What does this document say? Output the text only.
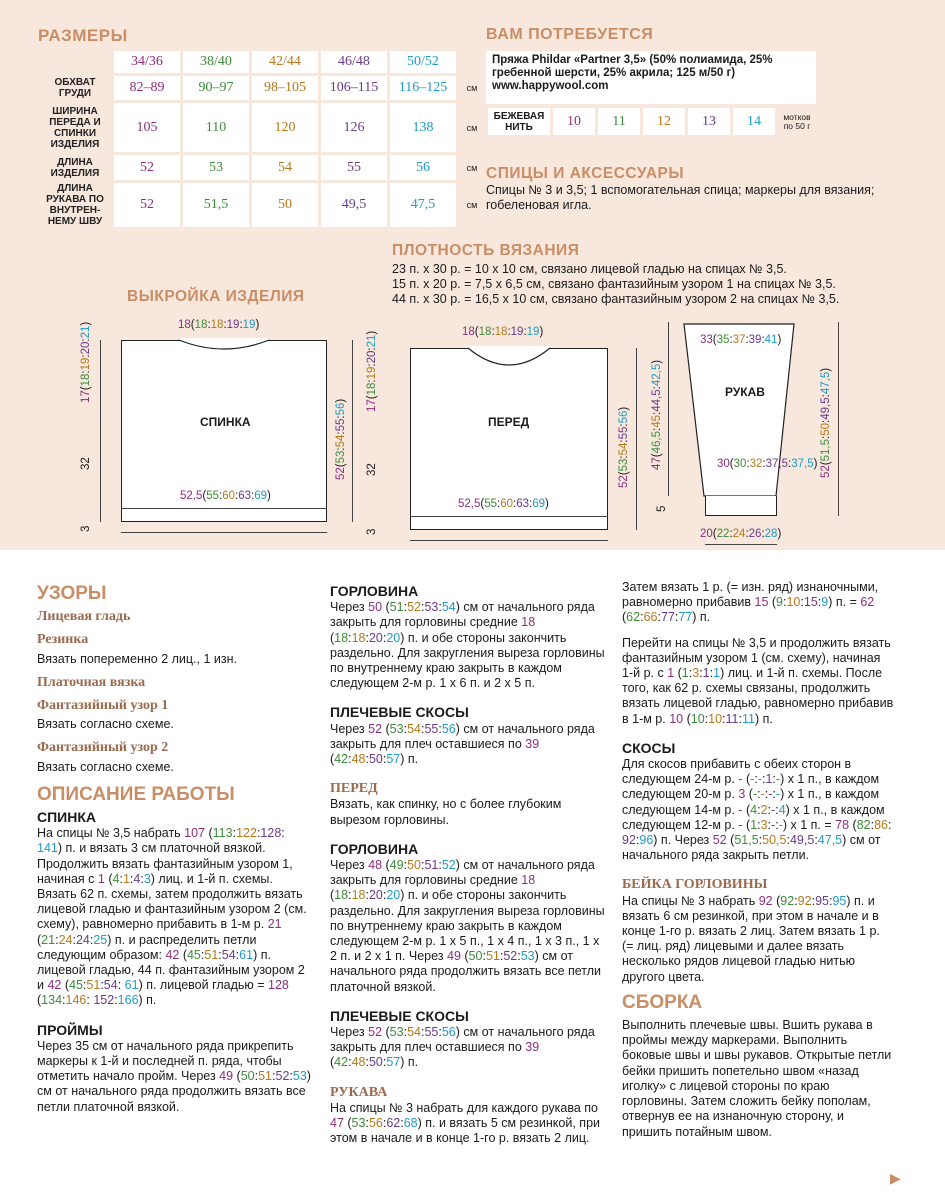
РАЗМЕРЫ
	34/36	38/40	42/44	46/48	50/52	
ОБХВАТ ГРУДИ	82–89	90–97	98–105	106–115	116–125	см
ШИРИНА ПЕРЕДА И СПИНКИ ИЗДЕЛИЯ	105	110	120	126	138	см
ДЛИНА ИЗДЕЛИЯ	52	53	54	55	56	см
ДЛИНА РУКАВА ПО ВНУТРЕН- НЕМУ ШВУ	52	51,5	50	49,5	47,5	см
ВАМ ПОТРЕБУЕТСЯ
Пряжа Phildar «Partner 3,5» (50% полиамида, 25% гребенной шерсти, 25% акрила; 125 м/50 г)
www.happywool.com
БЕЖЕВАЯ НИТЬ	10	11	12	13	14	мотков по 50 г
СПИЦЫ И АКСЕССУАРЫ
Спицы № 3 и 3,5; 1 вспомогательная спица; маркеры для вязания; гобеленовая игла.
ПЛОТНОСТЬ ВЯЗАНИЯ
23 п. х 30 р. = 10 х 10 см, связано лицевой гладью на спицах № 3,5.
15 п. х 20 р. = 7,5 х 6,5 см, связано фантазийным узором 1 на спицах № 3,5.
44 п. х 30 р. = 16,5 х 10 см, связано фантазийным узором 2 на спицах № 3,5.
ВЫКРОЙКА ИЗДЕЛИЯ
18(18:18:19:19)
52,5(55:60:63:69)
СПИНКА
17(18:19:20:21)
32
3
52(53:54:55:56)
18(18:18:19:19)
52,5(55:60:63:69)
ПЕРЕД
17(18:19:20:21)
32
3
52(53:54:55:56)
33(35:37:39:41)
РУКАВ
30(30:32:37,5:37,5)
20(22:24:26:28)
47(46,5:45:44,5:42,5)
5
52(51,5:50:49,5:47,5)
УЗОРЫ
Лицевая гладь
Резинка

Вязать попеременно 2 лиц., 1 изн.

Платочная вязка
Фантазийный узор 1

Вязать согласно схеме.

Фантазийный узор 2

Вязать согласно схеме.

ОПИСАНИЕ РАБОТЫ
СПИНКА

На спицы № 3,5 набрать 107 (113:122:128: 141) п. и вязать 3 см платочной вязкой. Продолжить вязать фантазийным узором 1, начиная с 1 (4:1:4:3) лиц. и 1-й п. схемы. Вязать 62 п. схемы, затем продолжить вязать лицевой гладью и фантазийным узором 2 (см. схему), равномерно прибавить в 1-м р. 21 (21:24:24:25) п. и распределить петли следующим образом: 42 (45:51:54:61) п. лицевой гладью, 44 п. фантазийным узором 2 и 42 (45:51:54: 61) п. лицевой гладью = 128 (134:146: 152:166) п.

ПРОЙМЫ

Через 35 см от начального ряда прикрепить маркеры к 1-й и последней п. ряда, чтобы отметить начало пройм. Через 49 (50:51:52:53) см от начального ряда продолжить вязать все петли платочной вязкой.

ГОРЛОВИНА

Через 50 (51:52:53:54) см от начального ряда закрыть для горловины средние 18 (18:18:20:20) п. и обе стороны закончить раздельно. Для закругления выреза горловины по внутреннему краю закрыть в каждом следующем 2-м р. 1 х 6 п. и 2 х 5 п.

ПЛЕЧЕВЫЕ СКОСЫ

Через 52 (53:54:55:56) см от начального ряда закрыть для плеч оставшиеся по 39 (42:48:50:57) п.

ПЕРЕД

Вязать, как спинку, но с более глубоким вырезом горловины.

ГОРЛОВИНА

Через 48 (49:50:51:52) см от начального ряда закрыть для горловины средние 18 (18:18:20:20) п. и обе стороны закончить раздельно. Для закругления выреза горловины по внутреннему краю закрыть в каждом следующем 2-м р. 1 х 5 п., 1 х 4 п., 1 х 3 п., 1 х 2 п. и 2 х 1 п. Через 49 (50:51:52:53) см от начального ряда продолжить вязать все петли платочной вязкой.

ПЛЕЧЕВЫЕ СКОСЫ

Через 52 (53:54:55:56) см от начального ряда закрыть для плеч оставшиеся по 39 (42:48:50:57) п.

РУКАВА

На спицы № 3 набрать для каждого рукава по 47 (53:56:62:68) п. и вязать 5 см резинкой, при этом в начале и в конце 1-го р. вязать 2 лиц.

Затем вязать 1 р. (= изн. ряд) изнаночными, равномерно прибавив 15 (9:10:15:9) п. = 62 (62:66:77:77) п.

Перейти на спицы № 3,5 и продолжить вязать фантазийным узором 1 (см. схему), начиная 1-й р. с 1 (1:3:1:1) лиц. и 1-й п. схемы. После того, как 62 р. схемы связаны, продолжить вязать лицевой гладью, равномерно прибавив в 1-м р. 10 (10:10:11:11) п.

СКОСЫ

Для скосов прибавить с обеих сторон в следующем 24-м р. - (-:-:1:-) х 1 п., в каждом следующем 20-м р. 3 (-:-:-:-) х 1 п., в каждом следующем 14-м р. - (4:2:-:4) х 1 п., в каждом следующем 12-м р. - (1:3:-:-) х 1 п. = 78 (82:86: 92:96) п. Через 52 (51,5:50,5:49,5:47,5) см от начального ряда закрыть петли.

БЕЙКА ГОРЛОВИНЫ

На спицы № 3 набрать 92 (92:92:95:95) п. и вязать 6 см резинкой, при этом в начале и в конце 1-го р. вязать 2 лиц. Затем вязать 1 р. (= лиц. ряд) лицевыми и далее вязать несколько рядов лицевой гладью нитью другого цвета.

СБОРКА

Выполнить плечевые швы. Вшить рукава в проймы между маркерами. Выполнить боковые швы и швы рукавов. Открытые петли бейки пришить попетельно швом «назад иголку» с лицевой стороны по краю горловины. Затем сложить бейку пополам, отвернув ее на изнаночную сторону, и пришить потайным швом.

▶
